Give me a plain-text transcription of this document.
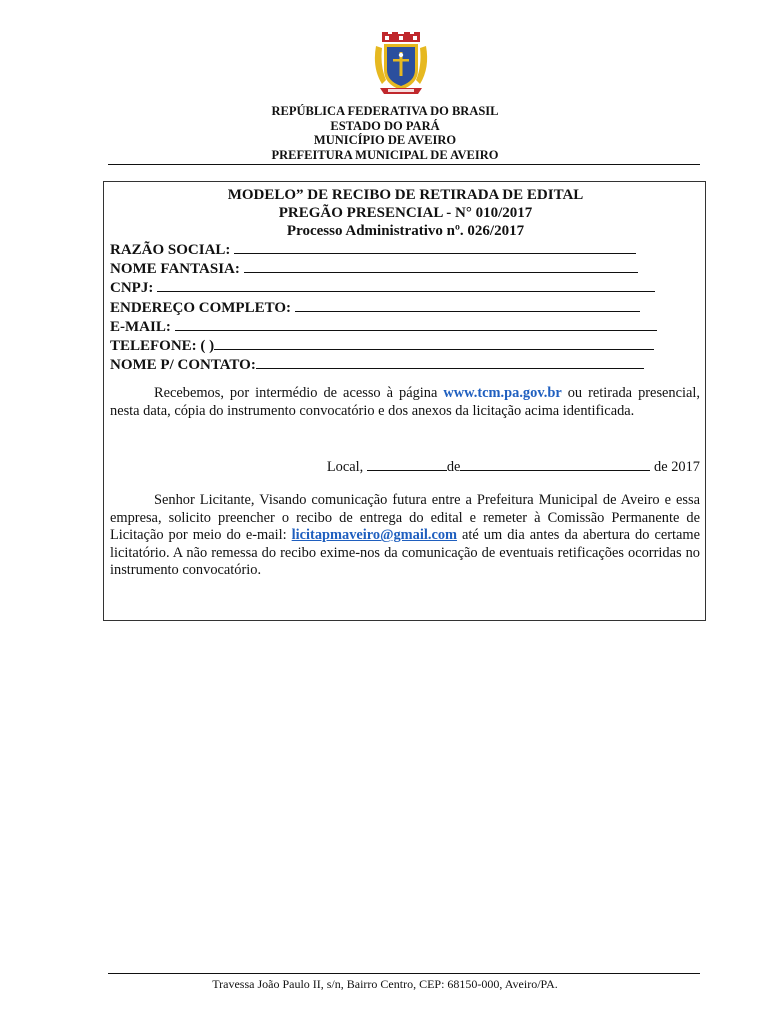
REPÚBLICA FEDERATIVA DO BRASIL
ESTADO DO PARÁ
MUNICÍPIO DE AVEIRO
PREFEITURA MUNICIPAL DE AVEIRO
MODELO” DE RECIBO DE RETIRADA DE EDITAL
PREGÃO PRESENCIAL - N° 010/2017
Processo Administrativo nº. 026/2017
RAZÃO SOCIAL:
NOME FANTASIA:
CNPJ:
ENDEREÇO COMPLETO:
E-MAIL:
TELEFONE: ( )
NOME P/ CONTATO:
Recebemos, por intermédio de acesso à página www.tcm.pa.gov.br ou retirada presencial, nesta data, cópia do instrumento convocatório e dos anexos da licitação acima identificada.
Local,	de	de 2017
Senhor Licitante, Visando comunicação futura entre a Prefeitura Municipal de Aveiro e essa empresa, solicito preencher o recibo de entrega do edital e remeter à Comissão Permanente de Licitação por meio do e-mail: licitapmaveiro@gmail.com até um dia antes da abertura do certame licitatório. A não remessa do recibo exime-nos da comunicação de eventuais retificações ocorridas no instrumento convocatório.
Travessa João Paulo II, s/n, Bairro Centro, CEP: 68150-000, Aveiro/PA.
